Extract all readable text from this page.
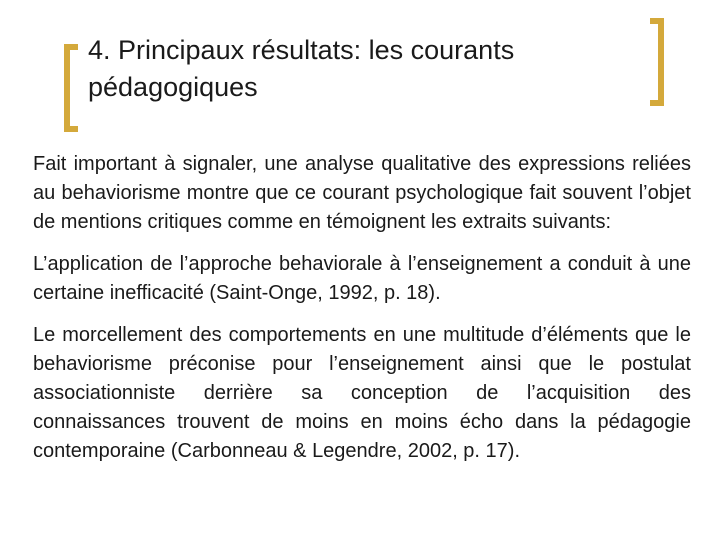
4. Principaux résultats: les courants pédagogiques

Fait important à signaler, une analyse qualitative des expressions reliées au behaviorisme montre que ce courant psychologique fait souvent l’objet de mentions critiques comme en témoignent les extraits suivants:

L’application de l’approche behaviorale à l’enseignement a conduit à une certaine inefficacité (Saint-Onge, 1992, p. 18).

Le morcellement des comportements en une multitude d’éléments que le behaviorisme préconise pour l’enseignement ainsi que le postulat associationniste derrière sa conception de l’acquisition des connaissances trouvent de moins en moins écho dans la pédagogie contemporaine (Carbonneau & Legendre, 2002, p. 17).
